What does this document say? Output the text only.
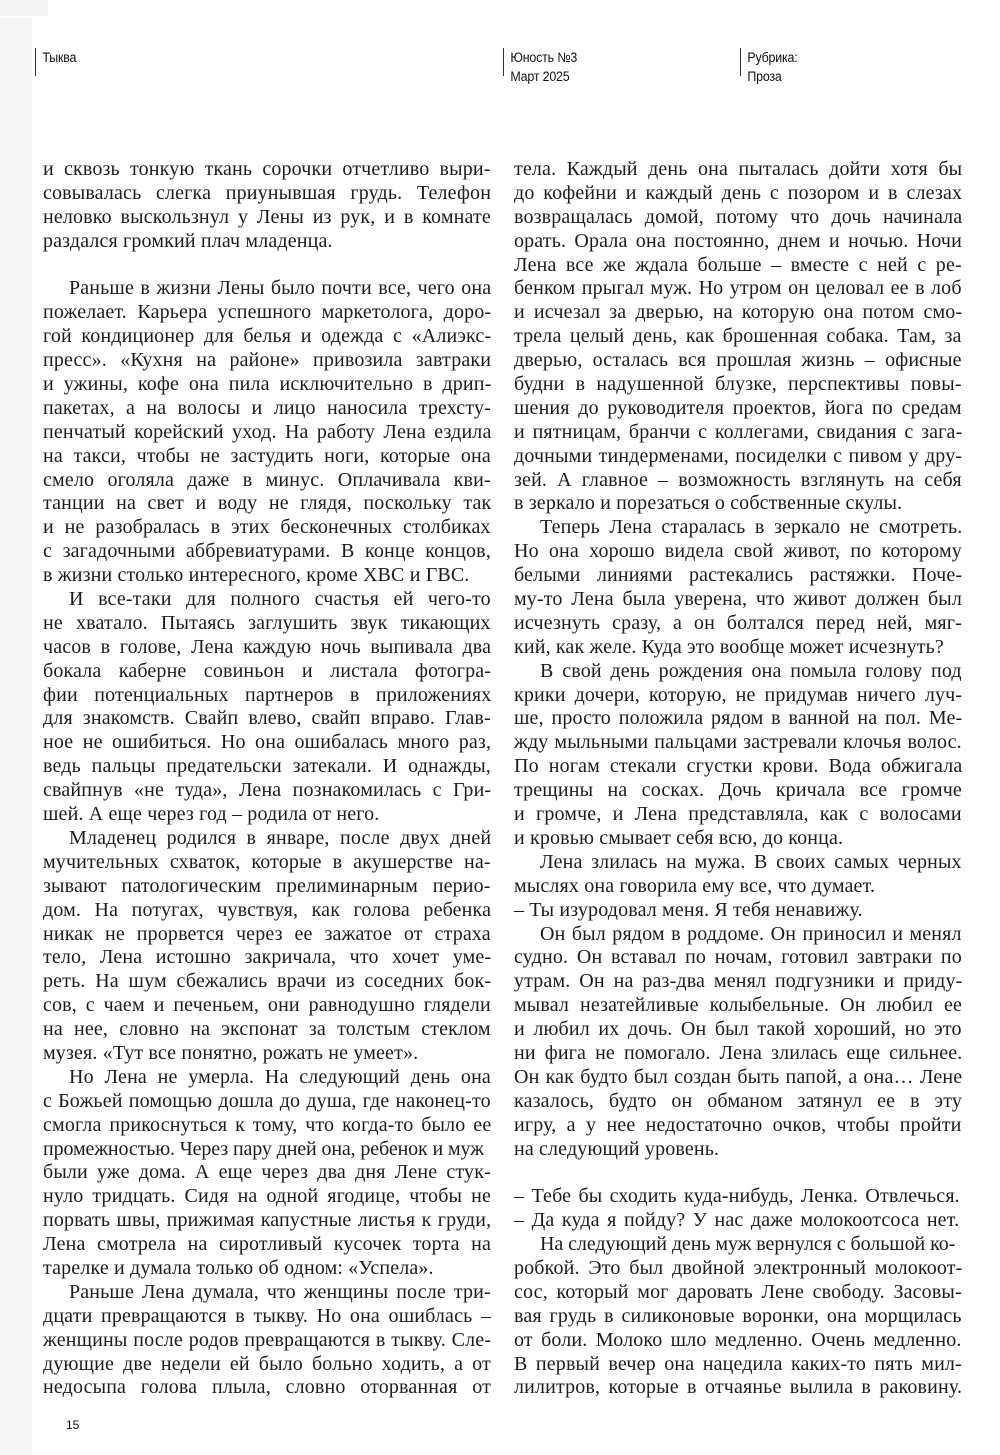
Тыква	Юность №3
Март 2025
Рубрика:
Проза
и сквозь тонкую ткань сорочки отчетливо выри-
совывалась слегка приунывшая грудь. Телефон
неловко выскользнул у Лены из рук, и в комнате
раздался громкий плач младенца.
Раньше в жизни Лены было почти все, чего она
пожелает. Карьера успешного маркетолога, доро-
гой кондиционер для белья и одежда с «Алиэкс-
пресс». «Кухня на районе» привозила завтраки
и ужины, кофе она пила исключительно в дрип-
пакетах, а на волосы и лицо наносила трехсту-
пенчатый корейский уход. На работу Лена ездила
на такси, чтобы не застудить ноги, которые она
смело оголяла даже в минус. Оплачивала кви-
танции на свет и воду не глядя, поскольку так
и не разобралась в этих бесконечных столбиках
с загадочными аббревиатурами. В конце концов,
в жизни столько интересного, кроме ХВС и ГВС.
И все-таки для полного счастья ей чего-то
не хватало. Пытаясь заглушить звук тикающих
часов в голове, Лена каждую ночь выпивала два
бокала каберне совиньон и листала фотогра-
фии потенциальных партнеров в приложениях
для знакомств. Свайп влево, свайп вправо. Глав-
ное не ошибиться. Но она ошибалась много раз,
ведь пальцы предательски затекали. И однажды,
свайпнув «не туда», Лена познакомилась с Гри-
шей. А еще через год – родила от него.
Младенец родился в январе, после двух дней
мучительных схваток, которые в акушерстве на-
зывают патологическим прелиминарным перио-
дом. На потугах, чувствуя, как голова ребенка
никак не прорвется через ее зажатое от страха
тело, Лена истошно закричала, что хочет уме-
реть. На шум сбежались врачи из соседних бок-
сов, с чаем и печеньем, они равнодушно глядели
на нее, словно на экспонат за толстым стеклом
музея. «Тут все понятно, рожать не умеет».
Но Лена не умерла. На следующий день она
с Божьей помощью дошла до душа, где наконец-то
смогла прикоснуться к тому, что когда-то было ее
промежностью. Через пару дней она, ребенок и муж
были уже дома. А еще через два дня Лене стук-
нуло тридцать. Сидя на одной ягодице, чтобы не
порвать швы, прижимая капустные листья к груди,
Лена смотрела на сиротливый кусочек торта на
тарелке и думала только об одном: «Успела».
Раньше Лена думала, что женщины после три-
дцати превращаются в тыкву. Но она ошиблась –
женщины после родов превращаются в тыкву. Сле-
дующие две недели ей было больно ходить, а от
недосыпа голова плыла, словно оторванная от
тела. Каждый день она пыталась дойти хотя бы
до кофейни и каждый день с позором и в слезах
возвращалась домой, потому что дочь начинала
орать. Орала она постоянно, днем и ночью. Ночи
Лена все же ждала больше – вместе с ней с ре-
бенком прыгал муж. Но утром он целовал ее в лоб
и исчезал за дверью, на которую она потом смо-
трела целый день, как брошенная собака. Там, за
дверью, осталась вся прошлая жизнь – офисные
будни в надушенной блузке, перспективы повы-
шения до руководителя проектов, йога по средам
и пятницам, бранчи с коллегами, свидания с зага-
дочными тиндерменами, посиделки с пивом у дру-
зей. А главное – возможность взглянуть на себя
в зеркало и порезаться о собственные скулы.
Теперь Лена старалась в зеркало не смотреть.
Но она хорошо видела свой живот, по которому
белыми линиями растекались растяжки. Поче-
му-то Лена была уверена, что живот должен был
исчезнуть сразу, а он болтался перед ней, мяг-
кий, как желе. Куда это вообще может исчезнуть?
В свой день рождения она помыла голову под
крики дочери, которую, не придумав ничего луч-
ше, просто положила рядом в ванной на пол. Ме-
жду мыльными пальцами застревали клочья волос.
По ногам стекали сгустки крови. Вода обжигала
трещины на сосках. Дочь кричала все громче
и громче, и Лена представляла, как с волосами
и кровью смывает себя всю, до конца.
Лена злилась на мужа. В своих самых черных
мыслях она говорила ему все, что думает.
– Ты изуродовал меня. Я тебя ненавижу.
Он был рядом в роддоме. Он приносил и менял
судно. Он вставал по ночам, готовил завтраки по
утрам. Он на раз-два менял подгузники и приду-
мывал незатейливые колыбельные. Он любил ее
и любил их дочь. Он был такой хороший, но это
ни фига не помогало. Лена злилась еще сильнее.
Он как будто был создан быть папой, а она… Лене
казалось, будто он обманом затянул ее в эту
игру, а у нее недостаточно очков, чтобы пройти
на следующий уровень.
– Тебе бы сходить куда-нибудь, Ленка. Отвлечься.
– Да куда я пойду? У нас даже молокоотсоса нет.
На следующий день муж вернулся с большой ко-
робкой. Это был двойной электронный молокоот-
сос, который мог даровать Лене свободу. Засовы-
вая грудь в силиконовые воронки, она морщилась
от боли. Молоко шло медленно. Очень медленно.
В первый вечер она нацедила каких-то пять мил-
лилитров, которые в отчаянье вылила в раковину.
15
